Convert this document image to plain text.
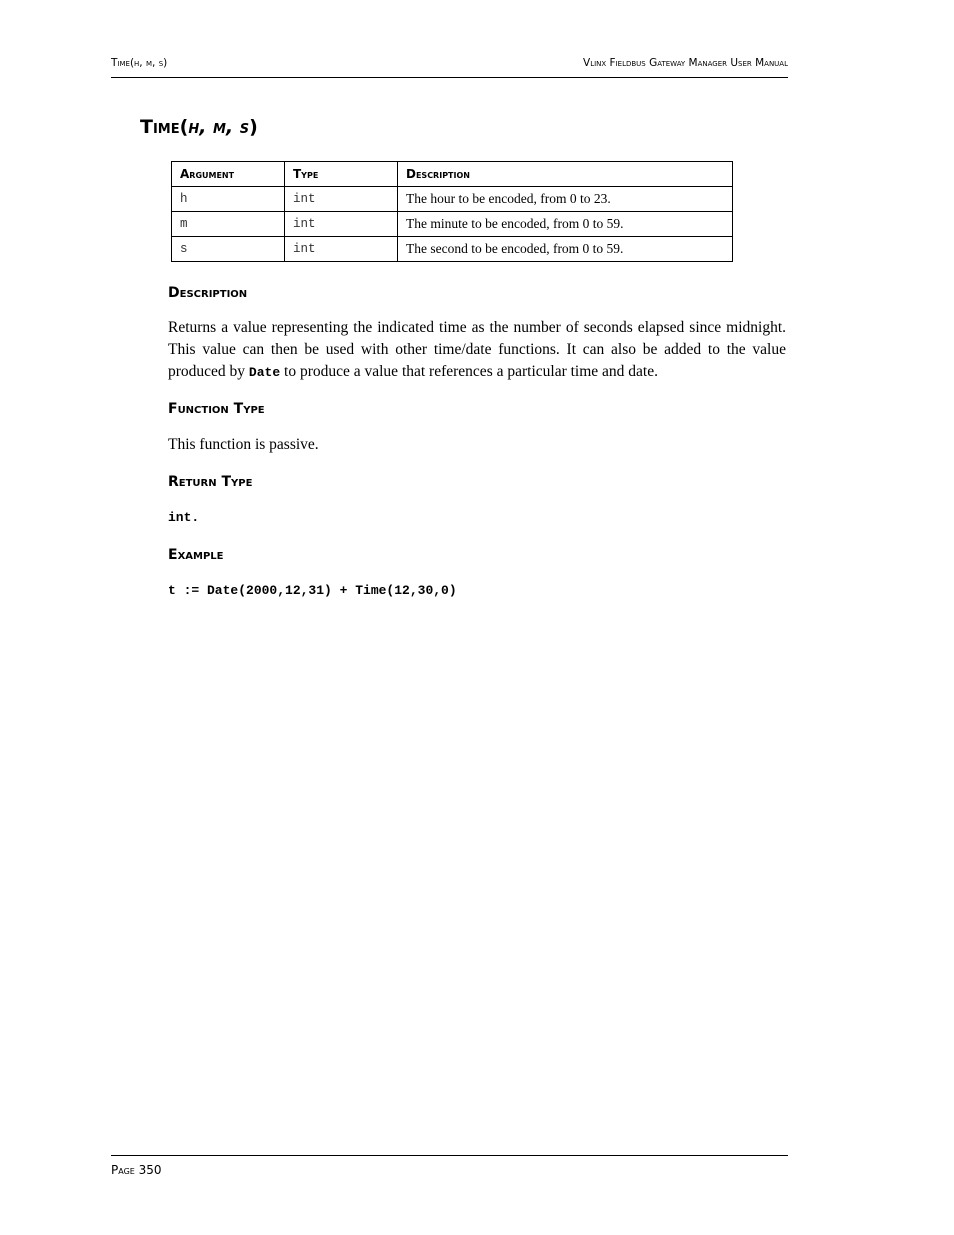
Time(h, m, s)	Vlinx Fieldbus Gateway Manager User Manual
Time(h, m, s)
Argument	Type	Description
h	int	The hour to be encoded, from 0 to 23.
m	int	The minute to be encoded, from 0 to 59.
s	int	The second to be encoded, from 0 to 59.
Description

Returns a value representing the indicated time as the number of seconds elapsed since midnight. This value can then be used with other time/date functions. It can also be added to the value produced by Date to produce a value that references a particular time and date.

Function Type

This function is passive.

Return Type
int.
Example
t := Date(2000,12,31) + Time(12,30,0)
Page 350
